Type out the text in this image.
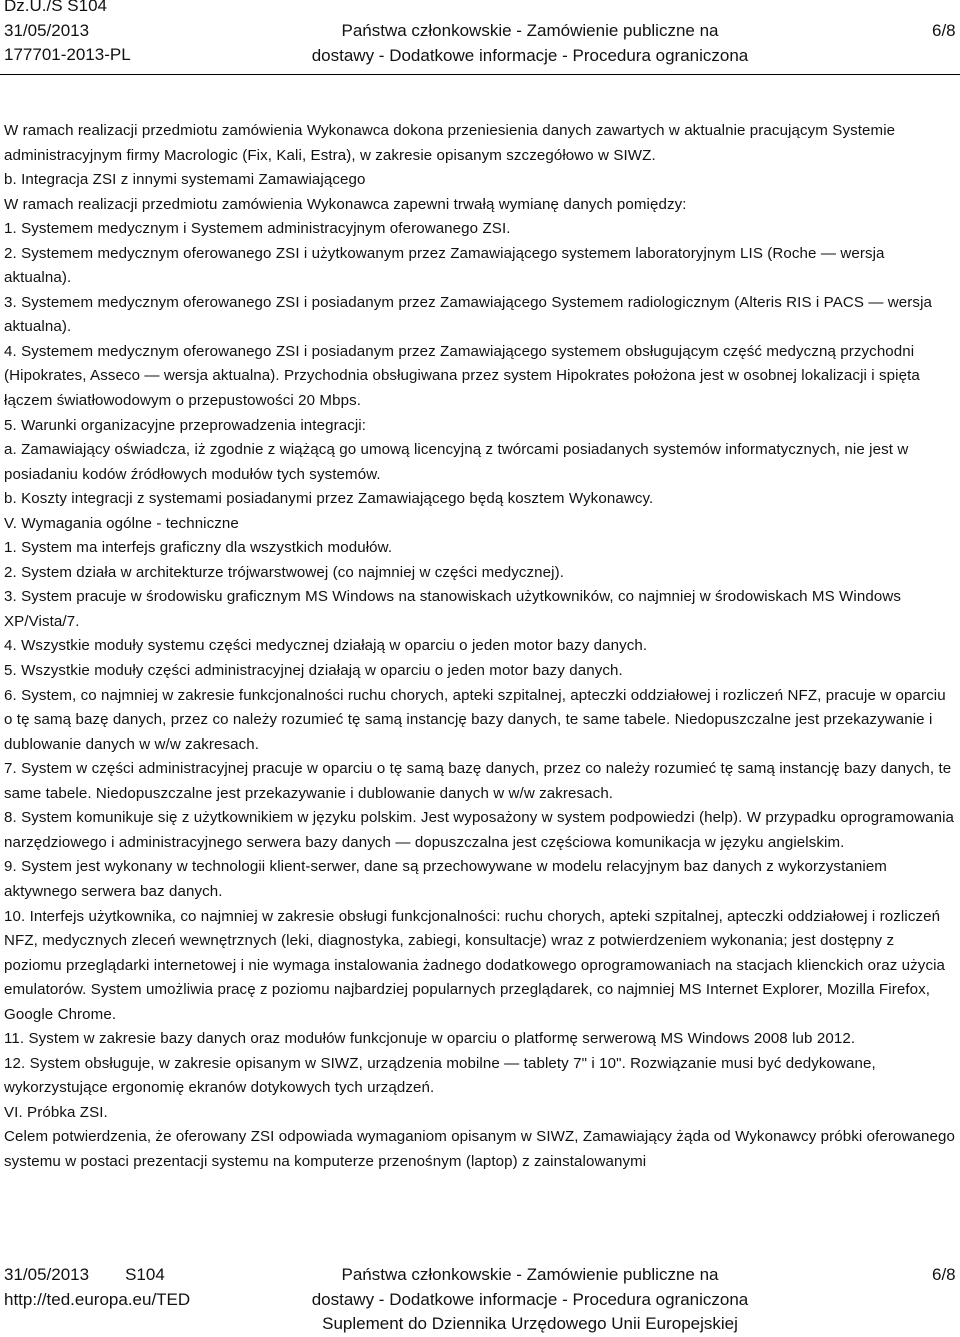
Dz.U./S S104
31/05/2013
177701-2013-PL
Państwa członkowskie - Zamówienie publiczne na
dostawy - Dodatkowe informacje - Procedura ograniczona
6/8

W ramach realizacji przedmiotu zamówienia Wykonawca dokona przeniesienia danych zawartych w aktualnie pracującym Systemie administracyjnym firmy Macrologic (Fix, Kali, Estra), w zakresie opisanym szczegółowo w SIWZ.

b. Integracja ZSI z innymi systemami Zamawiającego

W ramach realizacji przedmiotu zamówienia Wykonawca zapewni trwałą wymianę danych pomiędzy:

1. Systemem medycznym i Systemem administracyjnym oferowanego ZSI.

2. Systemem medycznym oferowanego ZSI i użytkowanym przez Zamawiającego systemem laboratoryjnym LIS (Roche — wersja aktualna).

3. Systemem medycznym oferowanego ZSI i posiadanym przez Zamawiającego Systemem radiologicznym (Alteris RIS i PACS — wersja aktualna).

4. Systemem medycznym oferowanego ZSI i posiadanym przez Zamawiającego systemem obsługującym część medyczną przychodni (Hipokrates, Asseco — wersja aktualna). Przychodnia obsługiwana przez system Hipokrates położona jest w osobnej lokalizacji i spięta łączem światłowodowym o przepustowości 20 Mbps.

5. Warunki organizacyjne przeprowadzenia integracji:

a. Zamawiający oświadcza, iż zgodnie z wiążącą go umową licencyjną z twórcami posiadanych systemów informatycznych, nie jest w posiadaniu kodów źródłowych modułów tych systemów.

b. Koszty integracji z systemami posiadanymi przez Zamawiającego będą kosztem Wykonawcy.

V. Wymagania ogólne - techniczne

1. System ma interfejs graficzny dla wszystkich modułów.

2. System działa w architekturze trójwarstwowej (co najmniej w części medycznej).

3. System pracuje w środowisku graficznym MS Windows na stanowiskach użytkowników, co najmniej w środowiskach MS Windows XP/Vista/7.

4. Wszystkie moduły systemu części medycznej działają w oparciu o jeden motor bazy danych.

5. Wszystkie moduły części administracyjnej działają w oparciu o jeden motor bazy danych.

6. System, co najmniej w zakresie funkcjonalności ruchu chorych, apteki szpitalnej, apteczki oddziałowej i rozliczeń NFZ, pracuje w oparciu o tę samą bazę danych, przez co należy rozumieć tę samą instancję bazy danych, te same tabele. Niedopuszczalne jest przekazywanie i dublowanie danych w w/w zakresach.

7. System w części administracyjnej pracuje w oparciu o tę samą bazę danych, przez co należy rozumieć tę samą instancję bazy danych, te same tabele. Niedopuszczalne jest przekazywanie i dublowanie danych w w/w zakresach.

8. System komunikuje się z użytkownikiem w języku polskim. Jest wyposażony w system podpowiedzi (help). W przypadku oprogramowania narzędziowego i administracyjnego serwera bazy danych — dopuszczalna jest częściowa komunikacja w języku angielskim.

9. System jest wykonany w technologii klient-serwer, dane są przechowywane w modelu relacyjnym baz danych z wykorzystaniem aktywnego serwera baz danych.

10. Interfejs użytkownika, co najmniej w zakresie obsługi funkcjonalności: ruchu chorych, apteki szpitalnej, apteczki oddziałowej i rozliczeń NFZ, medycznych zleceń wewnętrznych (leki, diagnostyka, zabiegi, konsultacje) wraz z potwierdzeniem wykonania; jest dostępny z poziomu przeglądarki internetowej i nie wymaga instalowania żadnego dodatkowego oprogramowaniach na stacjach klienckich oraz użycia emulatorów. System umożliwia pracę z poziomu najbardziej popularnych przeglądarek, co najmniej MS Internet Explorer, Mozilla Firefox, Google Chrome.

11. System w zakresie bazy danych oraz modułów funkcjonuje w oparciu o platformę serwerową MS Windows 2008 lub 2012.

12. System obsługuje, w zakresie opisanym w SIWZ, urządzenia mobilne — tablety 7" i 10". Rozwiązanie musi być dedykowane, wykorzystujące ergonomię ekranów dotykowych tych urządzeń.

VI. Próbka ZSI.

Celem potwierdzenia, że oferowany ZSI odpowiada wymaganiom opisanym w SIWZ, Zamawiający żąda od Wykonawcy próbki oferowanego systemu w postaci prezentacji systemu na komputerze przenośnym (laptop) z zainstalowanymi

31/05/2013 S104
http://ted.europa.eu/TED
Państwa członkowskie - Zamówienie publiczne na
dostawy - Dodatkowe informacje - Procedura ograniczona
Suplement do Dziennika Urzędowego Unii Europejskiej
6/8
